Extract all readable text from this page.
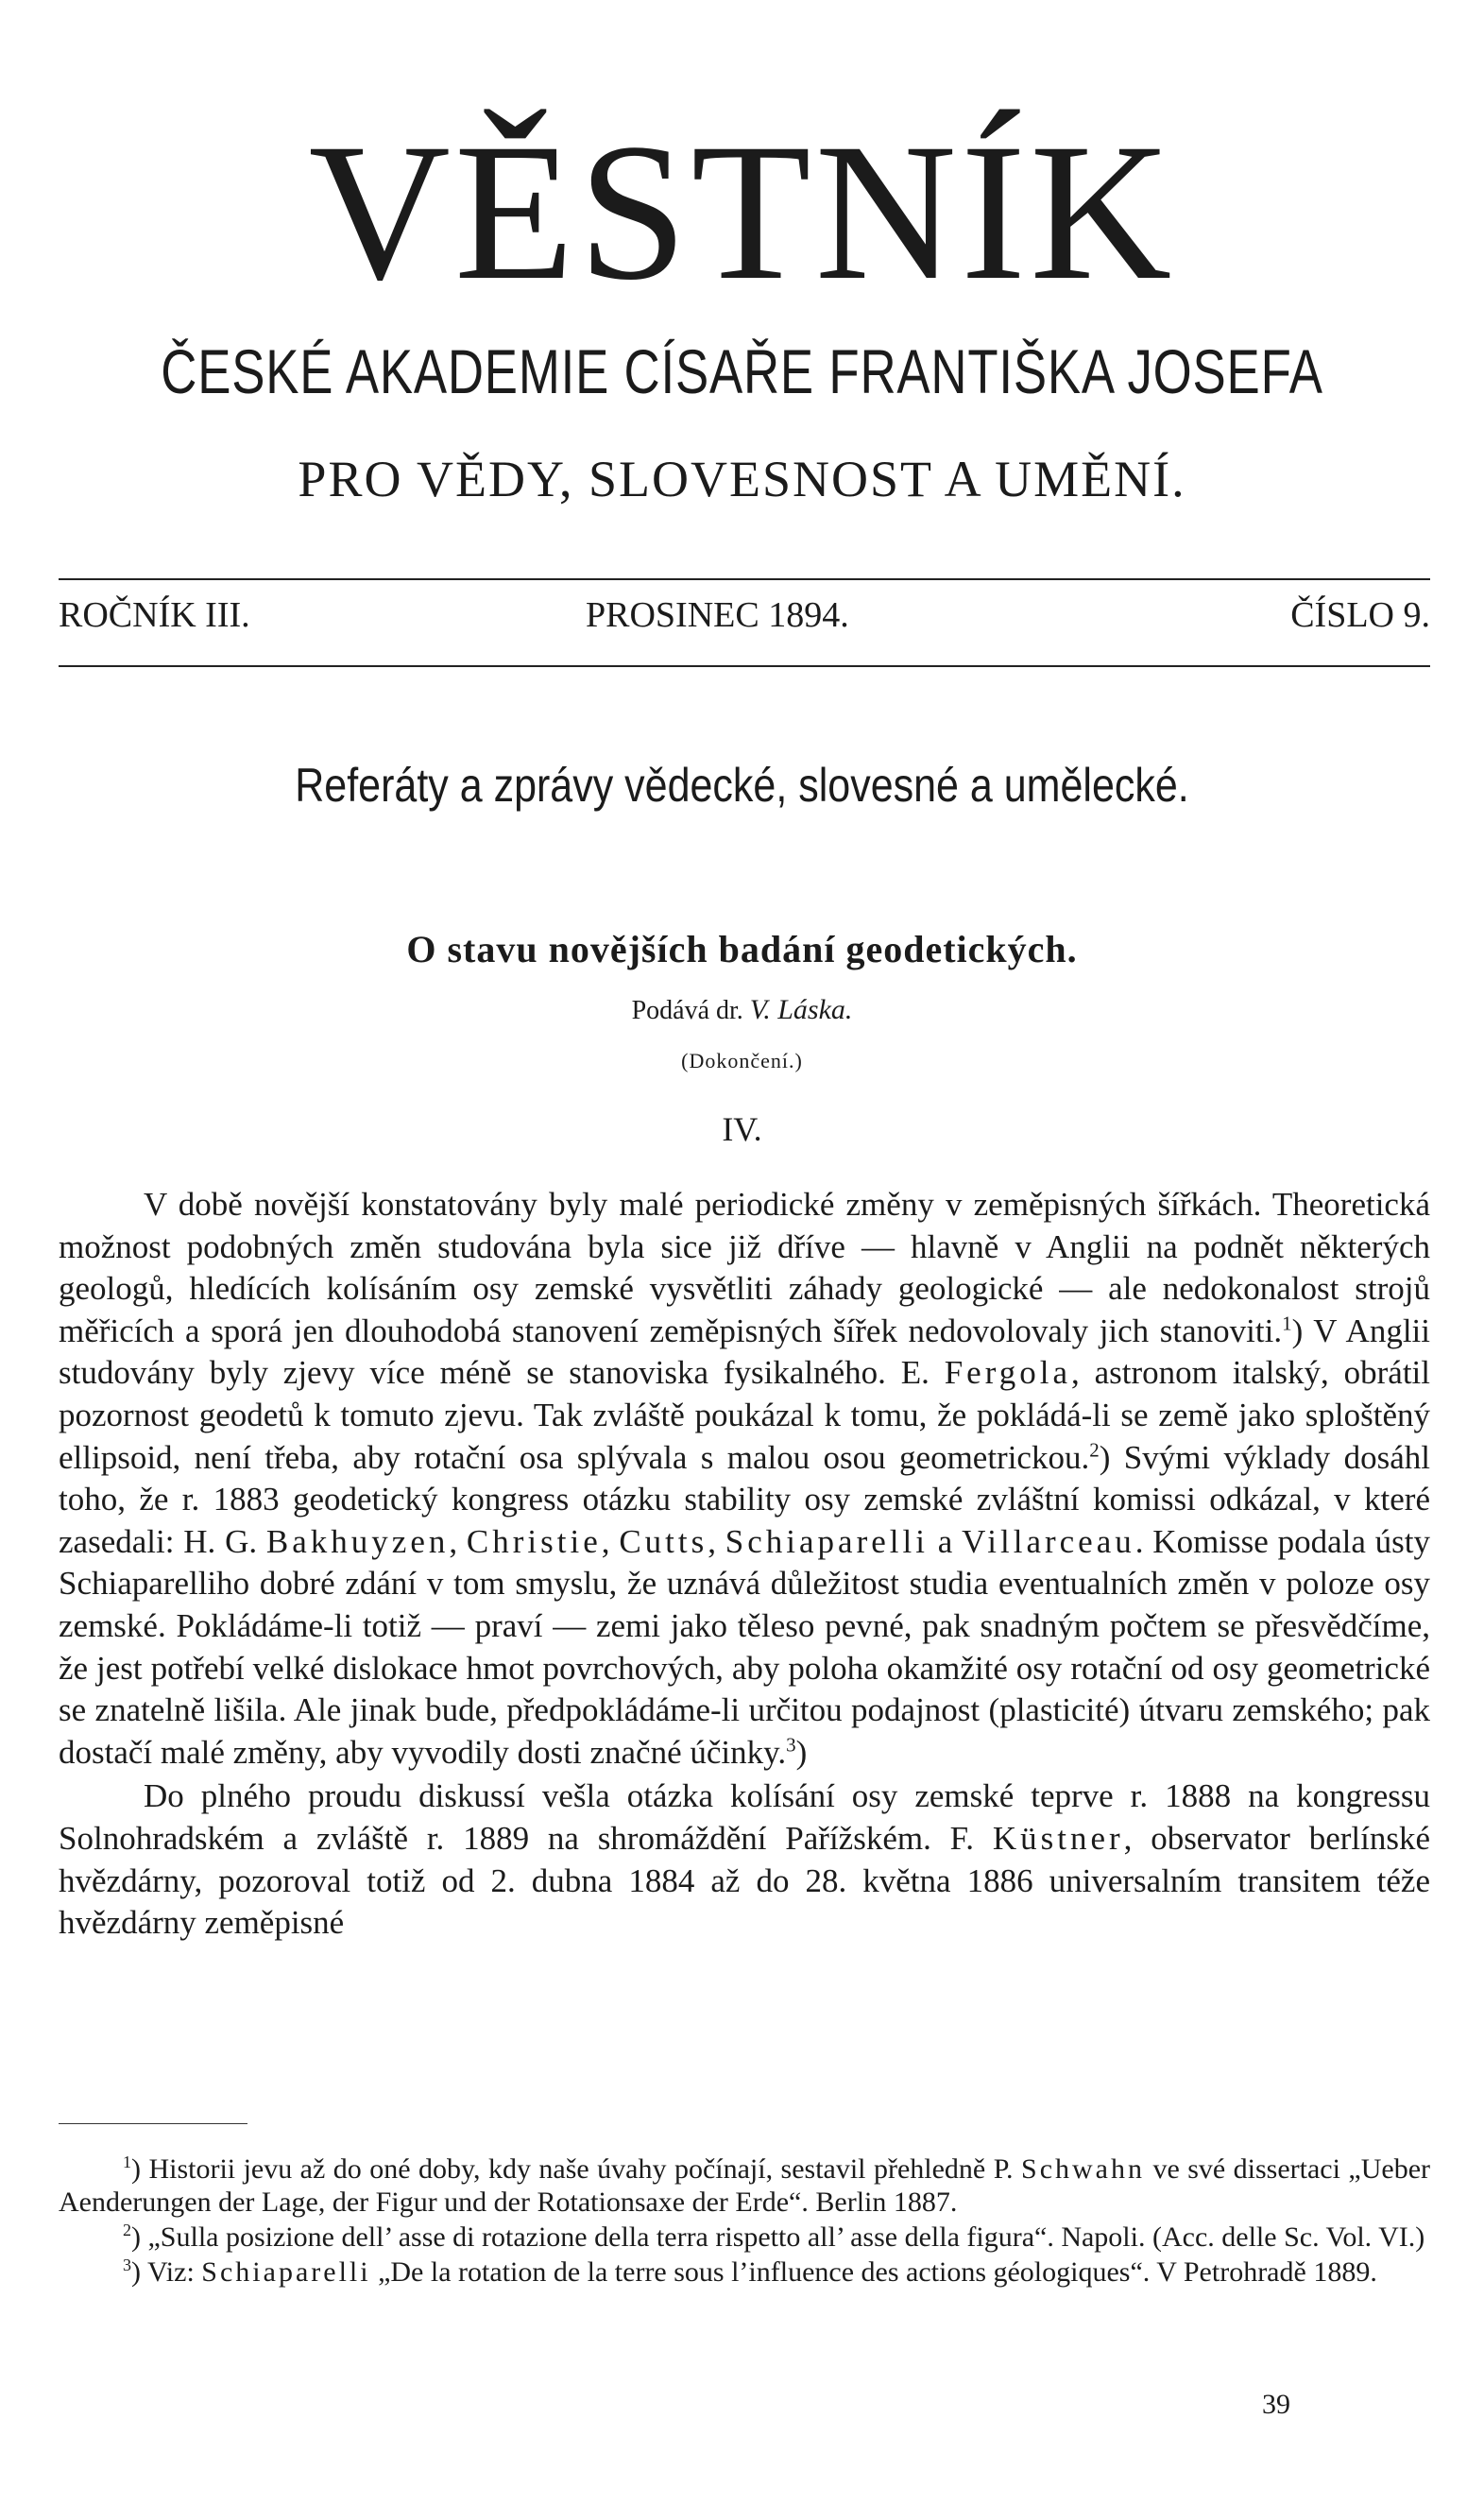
VĚSTNÍK
ČESKÉ AKADEMIE CÍSAŘE FRANTIŠKA JOSEFA
PRO VĚDY, SLOVESNOST A UMĚNÍ.
ROČNÍK III.	PROSINEC 1894.	ČÍSLO 9.
Referáty a zprávy vědecké, slovesné a umělecké.
O stavu novějších badání geodetických.
Podává dr. V. Láska.
(Dokončení.)
IV.

V době novější konstatovány byly malé periodické změny v zeměpisných šířkách. Theoretická možnost podobných změn studována byla sice již dříve — hlavně v Anglii na podnět některých geologů, hledících kolísáním osy zemské vysvětliti záhady geologické — ale nedokonalost strojů měřicích a sporá jen dlouhodobá stanovení zeměpisných šířek nedovolovaly jich stanoviti.$^1$) V Anglii studovány byly zjevy více méně se stanoviska fysikalného. E. Fergola, astronom italský, obrátil pozornost geodetů k tomuto zjevu. Tak zvláště poukázal k tomu, že pokládá-li se země jako sploštěný ellipsoid, není třeba, aby rotační osa splývala s malou osou geometrickou.$^2$) Svými výklady dosáhl toho, že r. 1883 geodetický kongress otázku stability osy zemské zvláštní komissi odkázal, v které zasedali: H. G. Bakhuyzen, Christie, Cutts, Schiaparelli a Villarceau. Komisse podala ústy Schiaparelliho dobré zdání v tom smyslu, že uznává důležitost studia eventualních změn v poloze osy zemské. Pokládáme-li totiž — praví — zemi jako těleso pevné, pak snadným počtem se přesvědčíme, že jest potřebí velké dislokace hmot povrchových, aby poloha okamžité osy rotační od osy geometrické se znatelně lišila. Ale jinak bude, předpokládáme-li určitou podajnost (plasticité) útvaru zemského; pak dostačí malé změny, aby vyvodily dosti značné účinky.$^3$)

Do plného proudu diskussí vešla otázka kolísání osy zemské teprve r. 1888 na kongressu Solnohradském a zvláště r. 1889 na shromáždění Pařížském. F. Küstner, observator berlínské hvězdárny, pozoroval totiž od 2. dubna 1884 až do 28. května 1886 universalním transitem téže hvězdárny zeměpisné

$^1$) Historii jevu až do oné doby, kdy naše úvahy počínají, sestavil přehledně P. Schwahn ve své dissertaci „Ueber Aenderungen der Lage, der Figur und der Rotationsaxe der Erde“. Berlin 1887.

$^2$) „Sulla posizione dell’ asse di rotazione della terra rispetto all’ asse della figura“. Napoli. (Acc. delle Sc. Vol. VI.)

$^3$) Viz: Schiaparelli „De la rotation de la terre sous l’influence des actions géologiques“. V Petrohradě 1889.

39
